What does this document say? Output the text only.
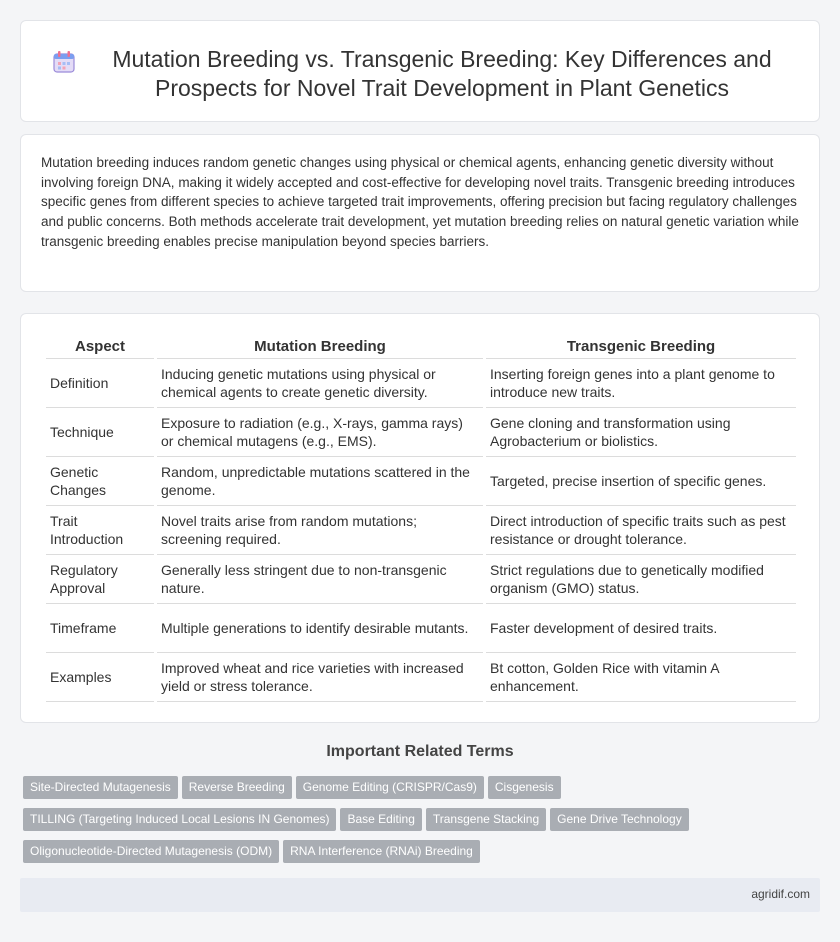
Mutation Breeding vs. Transgenic Breeding: Key Differences and Prospects for Novel Trait Development in Plant Genetics

Mutation breeding induces random genetic changes using physical or chemical agents, enhancing genetic diversity without involving foreign DNA, making it widely accepted and cost-effective for developing novel traits. Transgenic breeding introduces specific genes from different species to achieve targeted trait improvements, offering precision but facing regulatory challenges and public concerns. Both methods accelerate trait development, yet mutation breeding relies on natural genetic variation while transgenic breeding enables precise manipulation beyond species barriers.

Aspect	Mutation Breeding	Transgenic Breeding
Definition	Inducing genetic mutations using physical or chemical agents to create genetic diversity.	Inserting foreign genes into a plant genome to introduce new traits.
Technique	Exposure to radiation (e.g., X-rays, gamma rays) or chemical mutagens (e.g., EMS).	Gene cloning and transformation using Agrobacterium or biolistics.
Genetic Changes	Random, unpredictable mutations scattered in the genome.	Targeted, precise insertion of specific genes.
Trait Introduction	Novel traits arise from random mutations; screening required.	Direct introduction of specific traits such as pest resistance or drought tolerance.
Regulatory Approval	Generally less stringent due to non-transgenic nature.	Strict regulations due to genetically modified organism (GMO) status.
Timeframe	Multiple generations to identify desirable mutants.	Faster development of desired traits.
Examples	Improved wheat and rice varieties with increased yield or stress tolerance.	Bt cotton, Golden Rice with vitamin A enhancement.
Important Related Terms
Site-Directed Mutagenesis Reverse Breeding Genome Editing (CRISPR/Cas9) Cisgenesis
TILLING (Targeting Induced Local Lesions IN Genomes) Base Editing Transgene Stacking Gene Drive Technology
Oligonucleotide-Directed Mutagenesis (ODM) RNA Interference (RNAi) Breeding
agridif.com
